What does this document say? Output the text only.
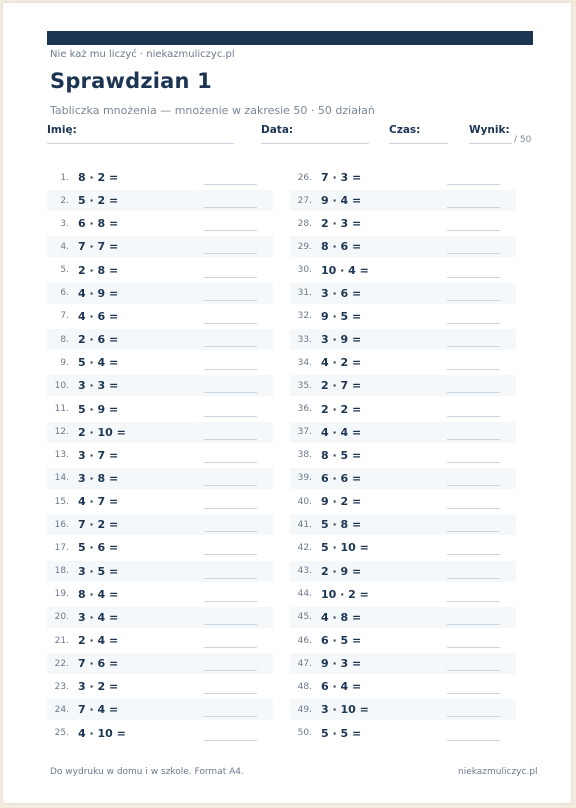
Nie każ mu liczyć · niekazmuliczyc.pl
Sprawdzian 1
Tabliczka mnożenia — mnożenie w zakresie 50 · 50 działań
Imię:	Data:	Czas:	Wynik:
/ 50
1. 8 · 2 =
2. 5 · 2 =
3. 6 · 8 =
4. 7 · 7 =
5. 2 · 8 =
6. 4 · 9 =
7. 4 · 6 =
8. 2 · 6 =
9. 5 · 4 =
10. 3 · 3 =
11. 5 · 9 =
12. 2 · 10 =
13. 3 · 7 =
14. 3 · 8 =
15. 4 · 7 =
16. 7 · 2 =
17. 5 · 6 =
18. 3 · 5 =
19. 8 · 4 =
20. 3 · 4 =
21. 2 · 4 =
22. 7 · 6 =
23. 3 · 2 =
24. 7 · 4 =
25. 4 · 10 =
26. 7 · 3 =
27. 9 · 4 =
28. 2 · 3 =
29. 8 · 6 =
30. 10 · 4 =
31. 3 · 6 =
32. 9 · 5 =
33. 3 · 9 =
34. 4 · 2 =
35. 2 · 7 =
36. 2 · 2 =
37. 4 · 4 =
38. 8 · 5 =
39. 6 · 6 =
40. 9 · 2 =
41. 5 · 8 =
42. 5 · 10 =
43. 2 · 9 =
44. 10 · 2 =
45. 4 · 8 =
46. 6 · 5 =
47. 9 · 3 =
48. 6 · 4 =
49. 3 · 10 =
50. 5 · 5 =
Do wydruku w domu i w szkole. Format A4.	niekazmuliczyc.pl
